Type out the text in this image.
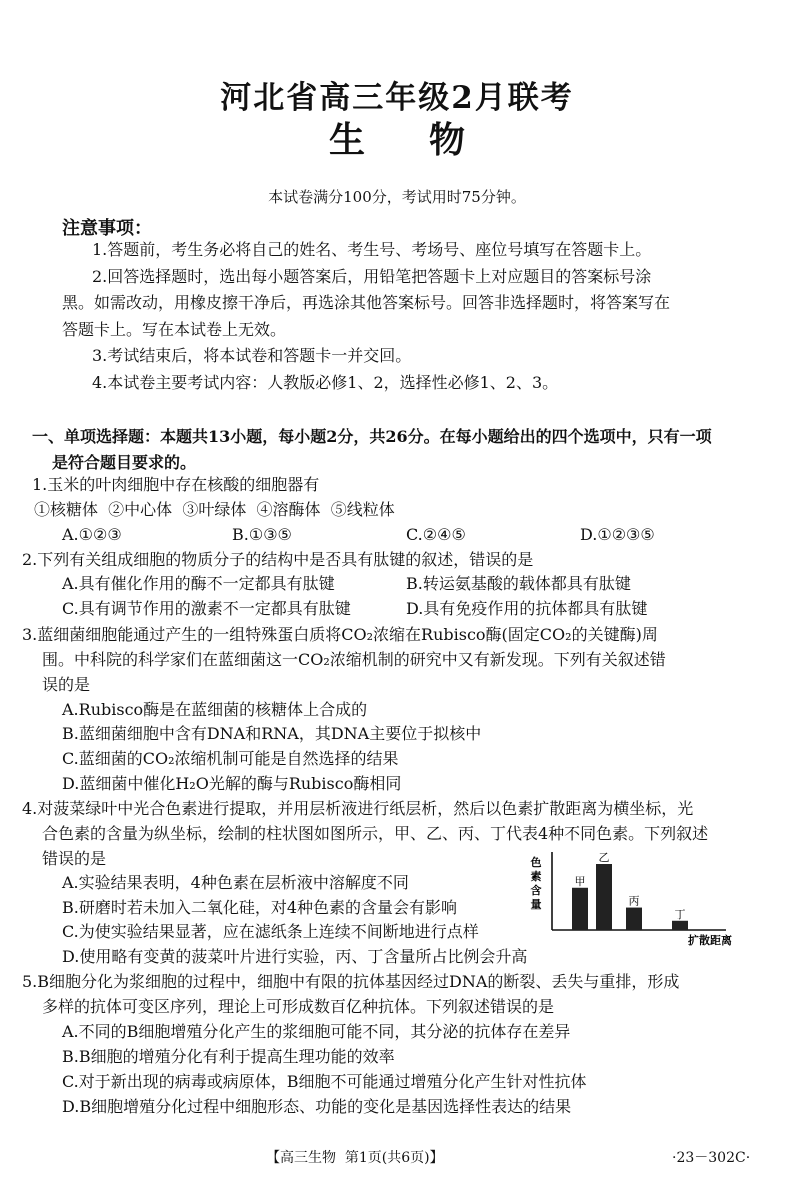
河北省高三年级2月联考
生物
本试卷满分100分，考试用时75分钟。
注意事项：
1.答题前，考生务必将自己的姓名、考生号、考场号、座位号填写在答题卡上。
2.回答选择题时，选出每小题答案后，用铅笔把答题卡上对应题目的答案标号涂
黑。如需改动，用橡皮擦干净后，再选涂其他答案标号。回答非选择题时，将答案写在
答题卡上。写在本试卷上无效。
3.考试结束后，将本试卷和答题卡一并交回。
4.本试卷主要考试内容：人教版必修1、2，选择性必修1、2、3。
一、单项选择题：本题共13小题，每小题2分，共26分。在每小题给出的四个选项中，只有一项
是符合题目要求的。
1.玉米的叶肉细胞中存在核酸的细胞器有
①核糖体  ②中心体  ③叶绿体  ④溶酶体  ⑤线粒体
A.①②③	B.①③⑤	C.②④⑤	D.①②③⑤
2.下列有关组成细胞的物质分子的结构中是否具有肽键的叙述，错误的是
A.具有催化作用的酶不一定都具有肽键	B.转运氨基酸的载体都具有肽键
C.具有调节作用的激素不一定都具有肽键	D.具有免疫作用的抗体都具有肽键
3.蓝细菌细胞能通过产生的一组特殊蛋白质将CO₂浓缩在Rubisco酶(固定CO₂的关键酶)周
围。中科院的科学家们在蓝细菌这一CO₂浓缩机制的研究中又有新发现。下列有关叙述错
误的是
A.Rubisco酶是在蓝细菌的核糖体上合成的
B.蓝细菌细胞中含有DNA和RNA，其DNA主要位于拟核中
C.蓝细菌的CO₂浓缩机制可能是自然选择的结果
D.蓝细菌中催化H₂O光解的酶与Rubisco酶相同
4.对菠菜绿叶中光合色素进行提取，并用层析液进行纸层析，然后以色素扩散距离为横坐标，光
合色素的含量为纵坐标，绘制的柱状图如图所示，甲、乙、丙、丁代表4种不同色素。下列叙述
错误的是
A.实验结果表明，4种色素在层析液中溶解度不同
B.研磨时若未加入二氧化硅，对4种色素的含量会有影响
C.为使实验结果显著，应在滤纸条上连续不间断地进行点样
D.使用略有变黄的菠菜叶片进行实验，丙、丁含量所占比例会升高
色
素
含
量
甲
乙
丙
丁
扩散距离
5.B细胞分化为浆细胞的过程中，细胞中有限的抗体基因经过DNA的断裂、丢失与重排，形成
多样的抗体可变区序列，理论上可形成数百亿种抗体。下列叙述错误的是
A.不同的B细胞增殖分化产生的浆细胞可能不同，其分泌的抗体存在差异
B.B细胞的增殖分化有利于提高生理功能的效率
C.对于新出现的病毒或病原体，B细胞不可能通过增殖分化产生针对性抗体
D.B细胞增殖分化过程中细胞形态、功能的变化是基因选择性表达的结果
【高三生物  第1页(共6页)】	·23－302C·
